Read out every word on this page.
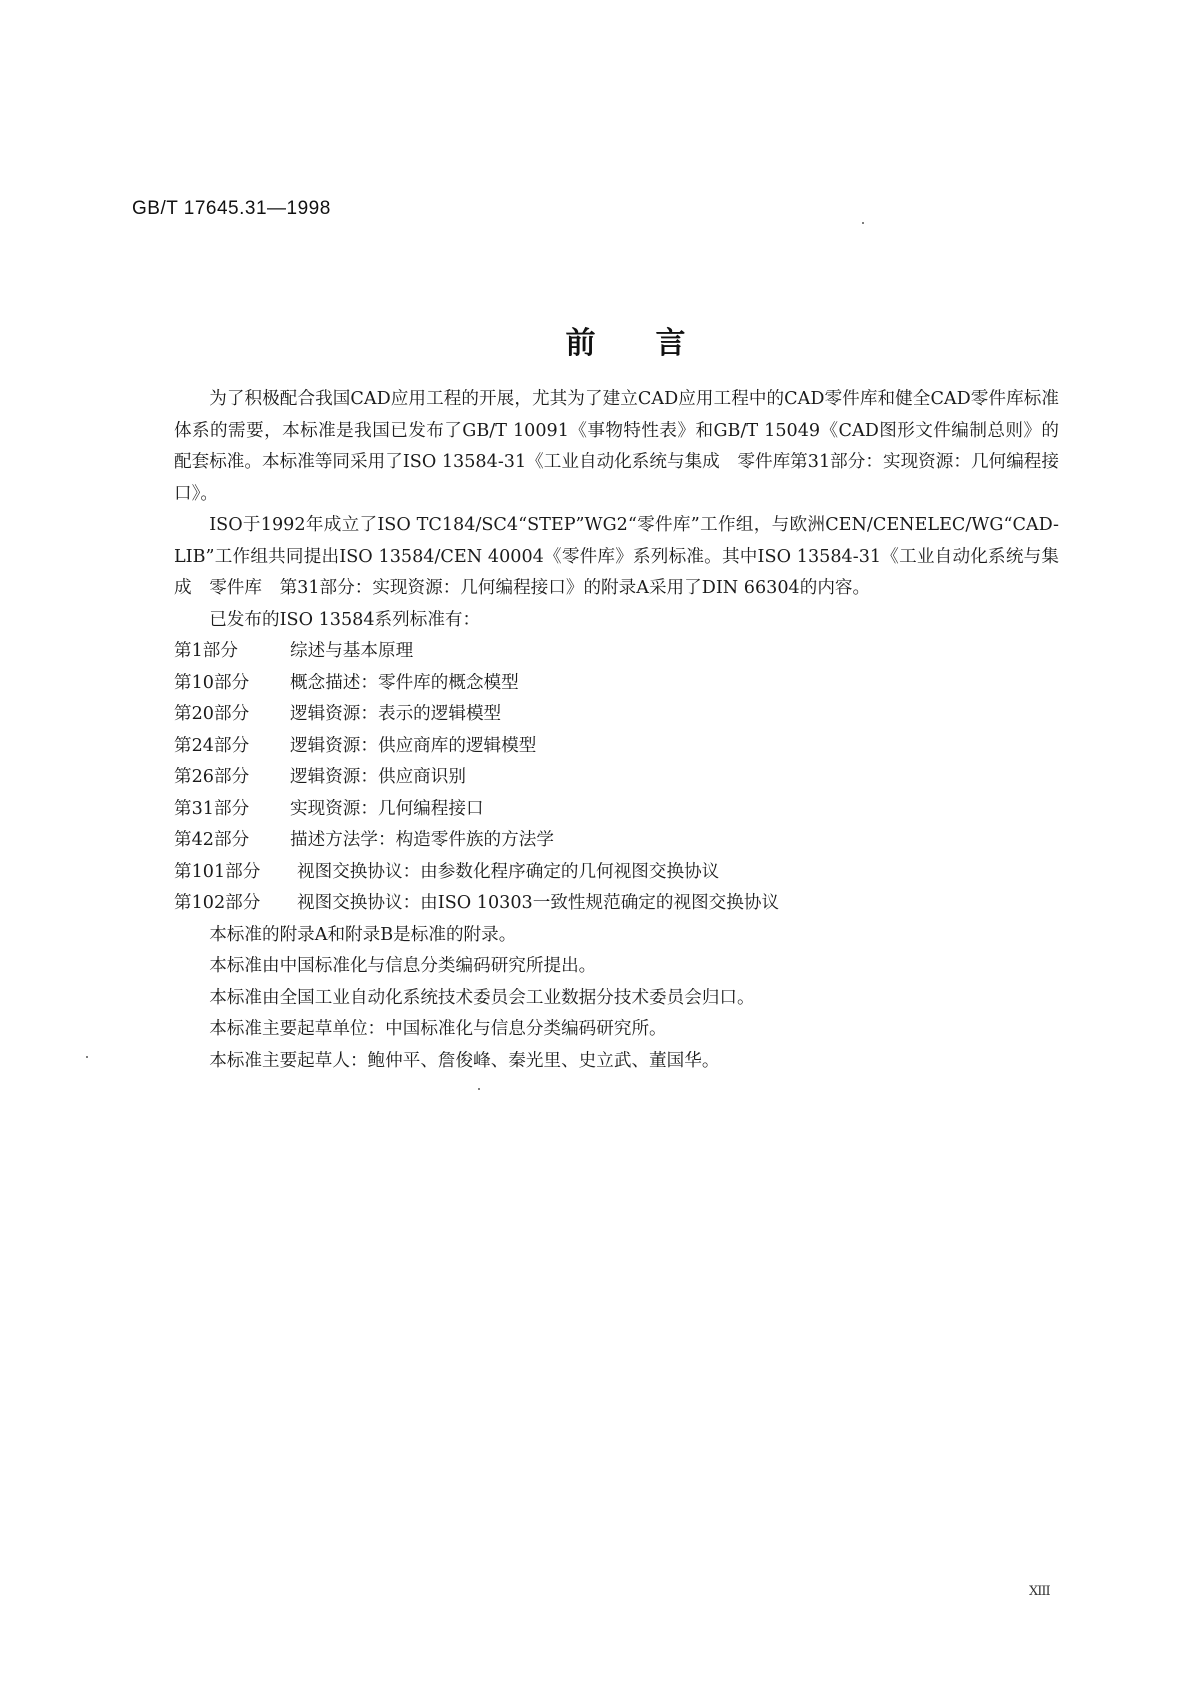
GB/T 17645.31—1998
前言

为了积极配合我国CAD应用工程的开展，尤其为了建立CAD应用工程中的CAD零件库和健全CAD零件库标准体系的需要，本标准是我国已发布了GB/T 10091《事物特性表》和GB/T 15049《CAD图形文件编制总则》的配套标准。本标准等同采用了ISO 13584-31《工业自动化系统与集成　零件库第31部分：实现资源：几何编程接口》。

ISO于1992年成立了ISO TC184/SC4“STEP”WG2“零件库”工作组，与欧洲CEN/CENELEC/WG“CAD-LIB”工作组共同提出ISO 13584/CEN 40004《零件库》系列标准。其中ISO 13584-31《工业自动化系统与集成　零件库　第31部分：实现资源：几何编程接口》的附录A采用了DIN 66304的内容。

已发布的ISO 13584系列标准有：

第1部分	综述与基本原理
第10部分	概念描述：零件库的概念模型
第20部分	逻辑资源：表示的逻辑模型
第24部分	逻辑资源：供应商库的逻辑模型
第26部分	逻辑资源：供应商识别
第31部分	实现资源：几何编程接口
第42部分	描述方法学：构造零件族的方法学
第101部分	视图交换协议：由参数化程序确定的几何视图交换协议
第102部分	视图交换协议：由ISO 10303一致性规范确定的视图交换协议

本标准的附录A和附录B是标准的附录。

本标准由中国标准化与信息分类编码研究所提出。

本标准由全国工业自动化系统技术委员会工业数据分技术委员会归口。

本标准主要起草单位：中国标准化与信息分类编码研究所。

本标准主要起草人：鲍仲平、詹俊峰、秦光里、史立武、董国华。

XIII
